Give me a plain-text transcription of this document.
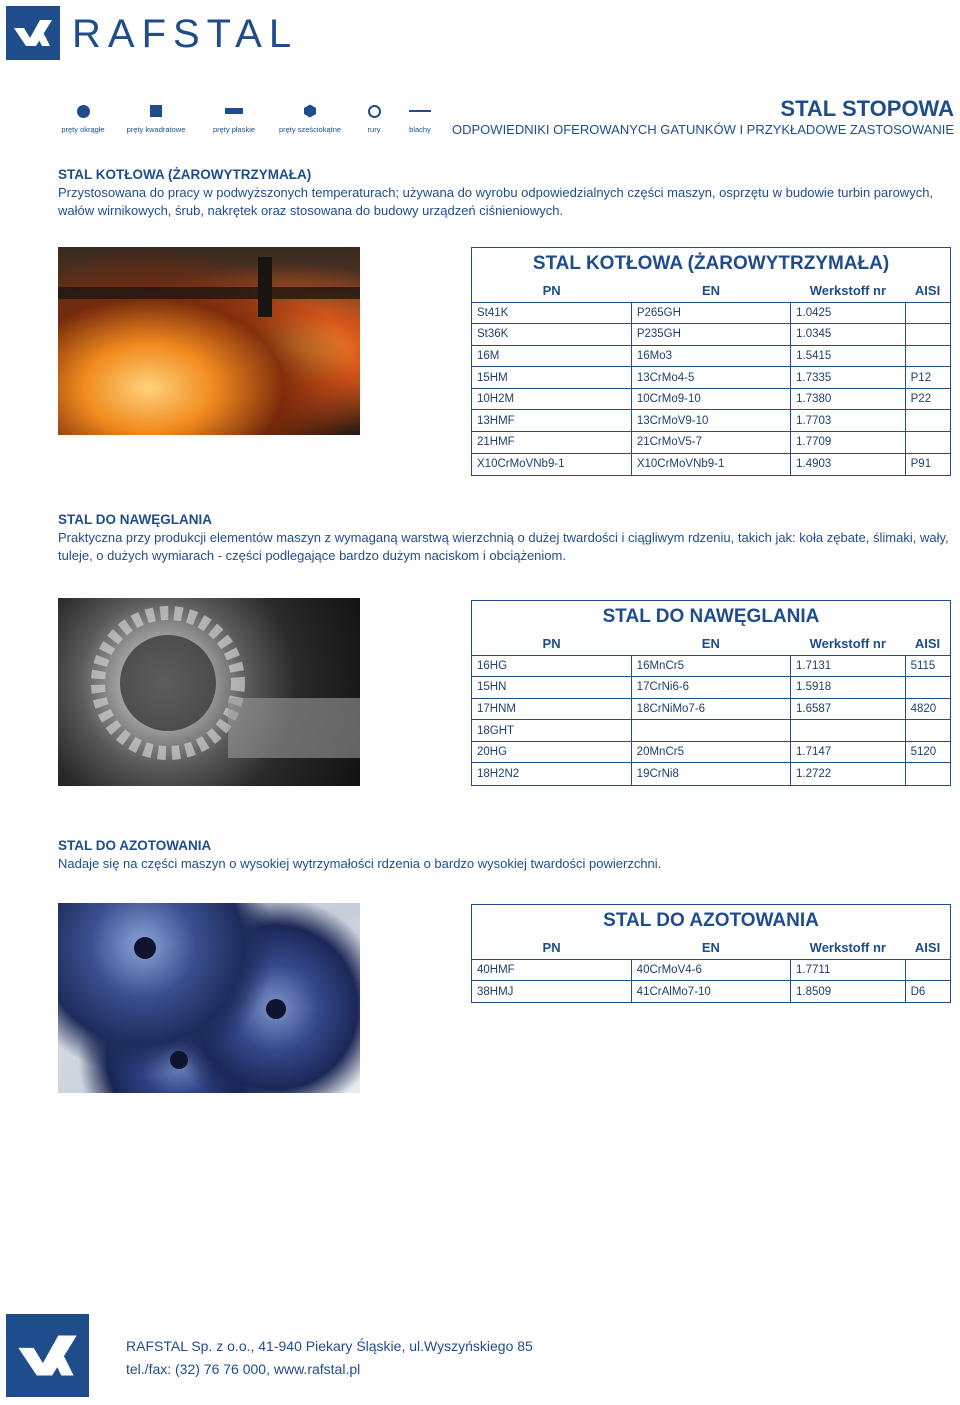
RAFSTAL
pręty okrągłe	pręty kwadratowe	pręty płaskie	pręty sześciokątne	rury	blachy
STAL STOPOWA
ODPOWIEDNIKI OFEROWANYCH GATUNKÓW I PRZYKŁADOWE ZASTOSOWANIE
STAL KOTŁOWA (ŻAROWYTRZYMAŁA)
Przystosowana do pracy w podwyższonych temperaturach; używana do wyrobu odpowiedzialnych części maszyn, osprzętu w budowie turbin parowych, wałów wirnikowych, śrub, nakrętek oraz stosowana do budowy urządzeń ciśnieniowych.
STAL KOTŁOWA (ŻAROWYTRZYMAŁA)
PN	EN	Werkstoff nr	AISI
St41K	P265GH	1.0425	
St36K	P235GH	1.0345	
16M	16Mo3	1.5415	
15HM	13CrMo4-5	1.7335	P12
10H2M	10CrMo9-10	1.7380	P22
13HMF	13CrMoV9-10	1.7703	
21HMF	21CrMoV5-7	1.7709	
X10CrMoVNb9-1	X10CrMoVNb9-1	1.4903	P91
STAL DO NAWĘGLANIA
Praktyczna przy produkcji elementów maszyn z wymaganą warstwą wierzchnią o dużej twardości i ciągliwym rdzeniu, takich jak: koła zębate, ślimaki, wały, tuleje, o dużych wymiarach - części podlegające bardzo dużym naciskom i obciążeniom.
STAL DO NAWĘGLANIA
PN	EN	Werkstoff nr	AISI
16HG	16MnCr5	1.7131	5115
15HN	17CrNi6-6	1.5918	
17HNM	18CrNiMo7-6	1.6587	4820
18GHT			
20HG	20MnCr5	1.7147	5120
18H2N2	19CrNi8	1.2722	
STAL DO AZOTOWANIA
Nadaje się na części maszyn o wysokiej wytrzymałości rdzenia o bardzo wysokiej twardości powierzchni.
STAL DO AZOTOWANIA
PN	EN	Werkstoff nr	AISI
40HMF	40CrMoV4-6	1.7711	
38HMJ	41CrAlMo7-10	1.8509	D6
RAFSTAL Sp. z o.o., 41-940 Piekary Śląskie, ul.Wyszyńskiego 85
tel./fax: (32) 76 76 000, www.rafstal.pl
